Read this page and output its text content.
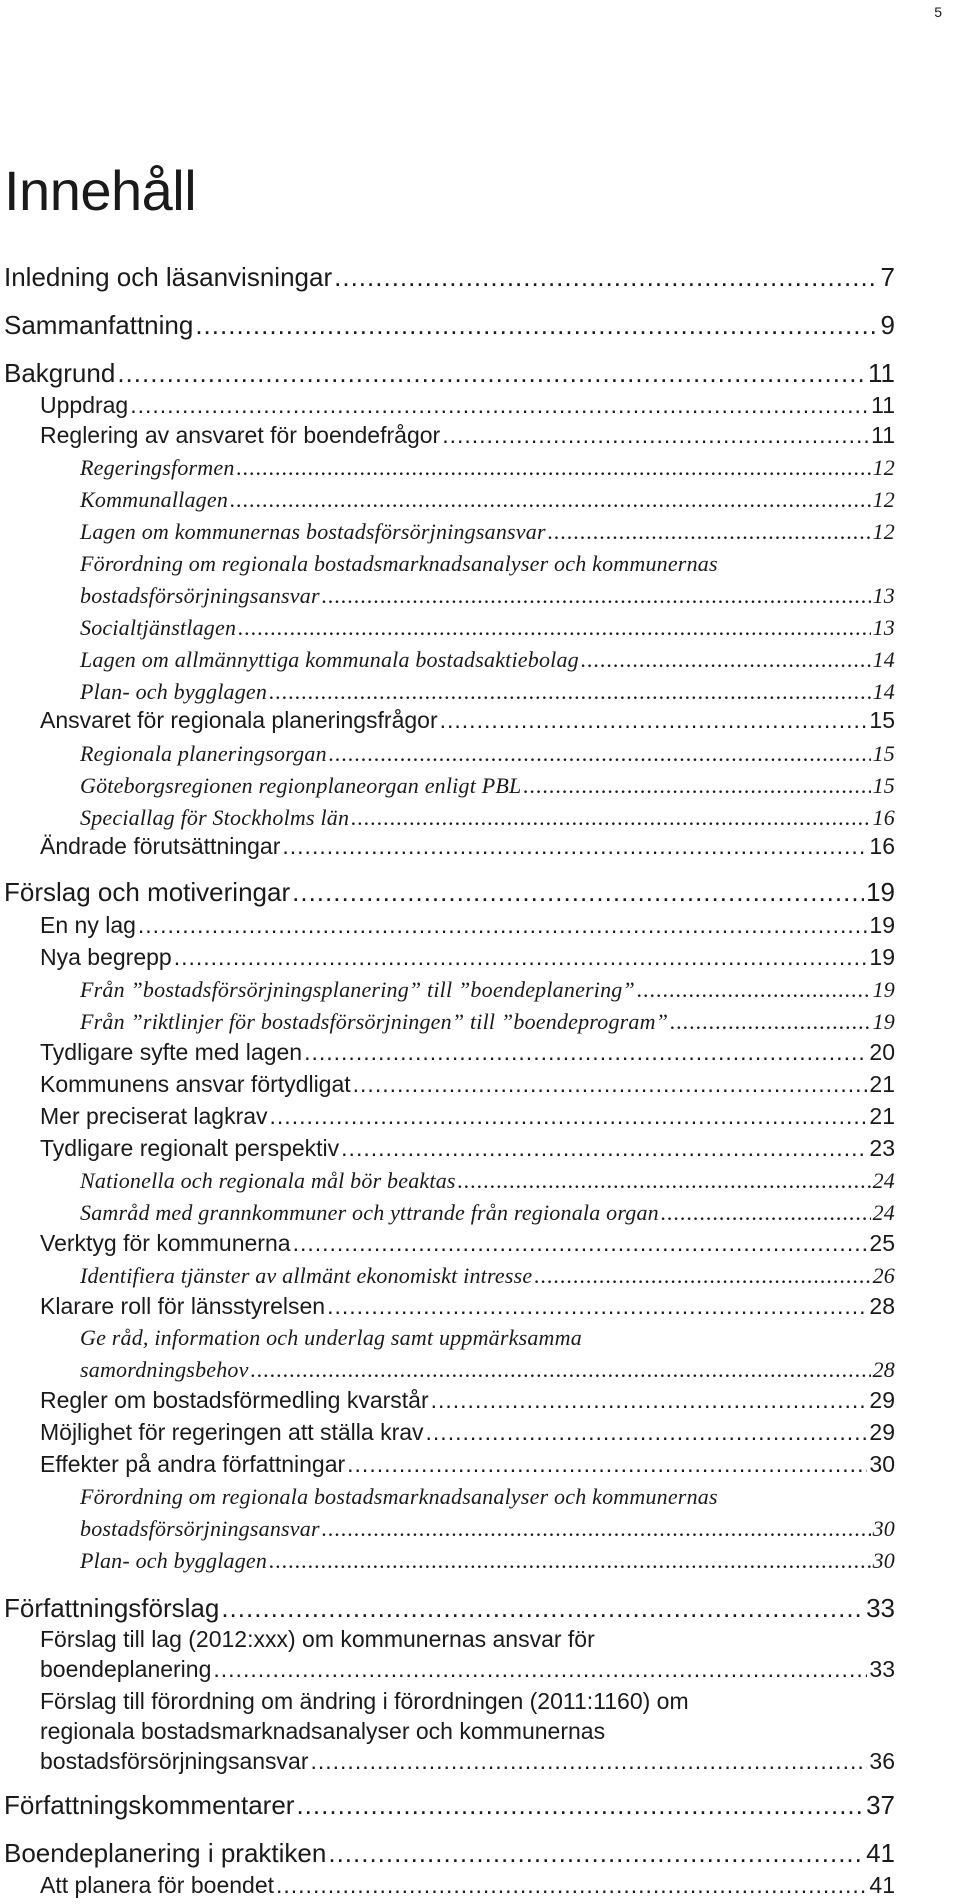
5
Innehåll
Inledning och läsanvisningar .....	7
Sammanfattning .....	9
Bakgrund .....	11
Uppdrag .....	11
Reglering av ansvaret för boendefrågor .....	11
Regeringsformen .....	12
Kommunallagen .....	12
Lagen om kommunernas bostadsförsörjningsansvar .....	12
Förordning om regionala bostadsmarknadsanalyser och kommunernas
bostadsförsörjningsansvar .....	13
Socialtjänstlagen .....	13
Lagen om allmännyttiga kommunala bostadsaktiebolag .....	14
Plan- och bygglagen .....	14
Ansvaret för regionala planeringsfrågor .....	15
Regionala planeringsorgan .....	15
Göteborgsregionen regionplaneorgan enligt PBL .....	15
Speciallag för Stockholms län .....	16
Ändrade förutsättningar .....	16
Förslag och motiveringar .....	19
En ny lag .....	19
Nya begrepp .....	19
Från ”bostadsförsörjningsplanering” till ”boendeplanering” .....	19
Från ”riktlinjer för bostadsförsörjningen” till ”boendeprogram” .....	19
Tydligare syfte med lagen .....	20
Kommunens ansvar förtydligat .....	21
Mer preciserat lagkrav .....	21
Tydligare regionalt perspektiv .....	23
Nationella och regionala mål bör beaktas .....	24
Samråd med grannkommuner och yttrande från regionala organ .....	24
Verktyg för kommunerna .....	25
Identifiera tjänster av allmänt ekonomiskt intresse .....	26
Klarare roll för länsstyrelsen .....	28
Ge råd, information och underlag samt uppmärksamma
samordningsbehov .....	28
Regler om bostadsförmedling kvarstår .....	29
Möjlighet för regeringen att ställa krav .....	29
Effekter på andra författningar .....	30
Förordning om regionala bostadsmarknadsanalyser och kommunernas
bostadsförsörjningsansvar .....	30
Plan- och bygglagen .....	30
Författningsförslag .....	33
Förslag till lag (2012:xxx) om kommunernas ansvar för
boendeplanering .....	33
Förslag till förordning om ändring i förordningen (2011:1160) om
regionala bostadsmarknadsanalyser och kommunernas
bostadsförsörjningsansvar .....	36
Författningskommentarer .....	37
Boendeplanering i praktiken .....	41
Att planera för boendet .....	41
